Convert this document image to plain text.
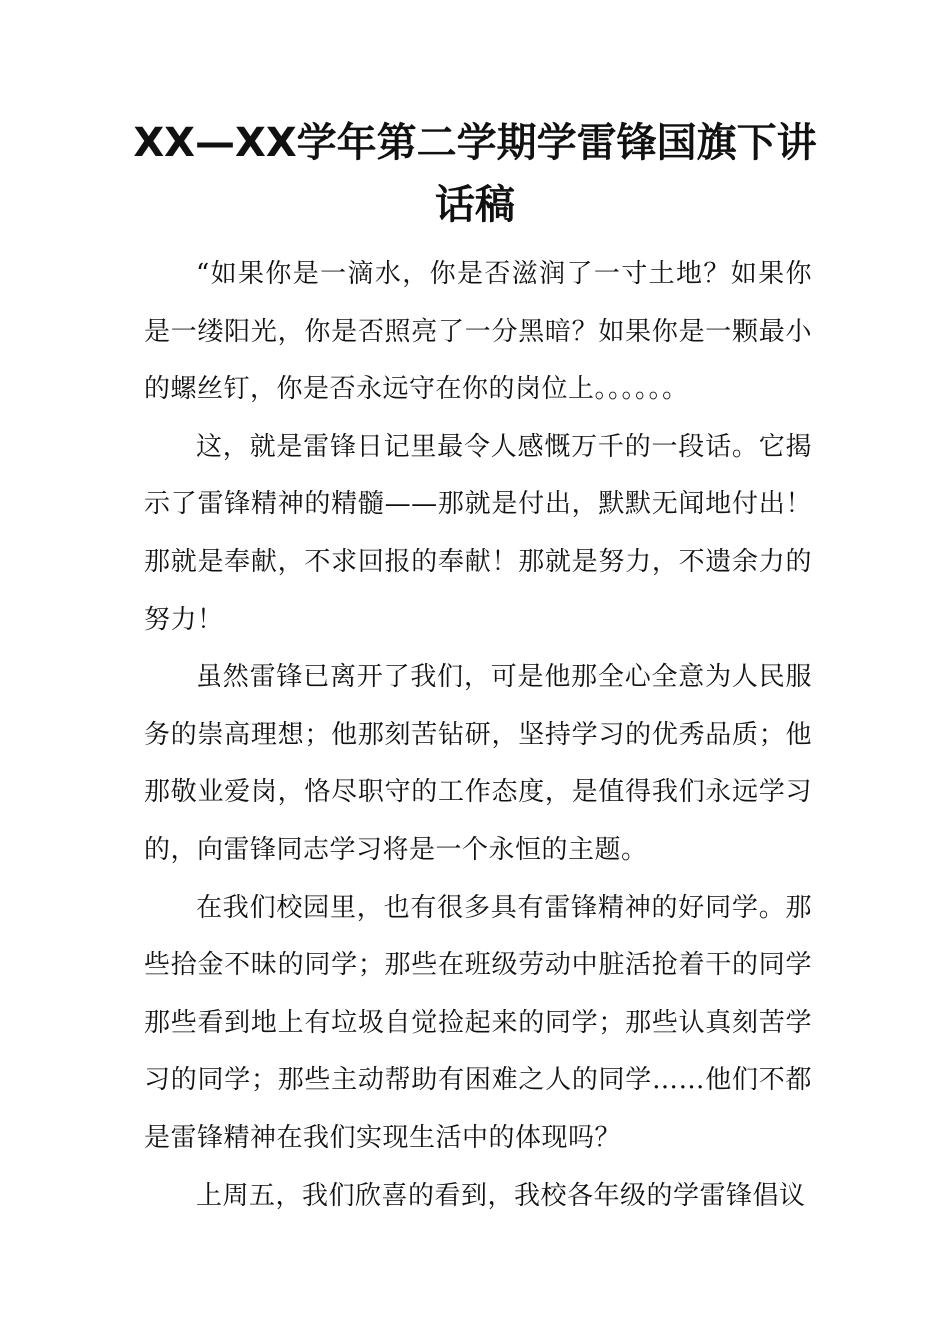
XX—XX学年第二学期学雷锋国旗下讲话稿

“如果你是一滴水，你是否滋润了一寸土地？如果你是一缕阳光，你是否照亮了一分黑暗？如果你是一颗最小的螺丝钉，你是否永远守在你的岗位上。。。。。。

这，就是雷锋日记里最令人感慨万千的一段话。它揭示了雷锋精神的精髓——那就是付出，默默无闻地付出！那就是奉献，不求回报的奉献！那就是努力，不遗余力的努力！

虽然雷锋已离开了我们，可是他那全心全意为人民服务的崇高理想；他那刻苦钻研，坚持学习的优秀品质；他那敬业爱岗，恪尽职守的工作态度，是值得我们永远学习的，向雷锋同志学习将是一个永恒的主题。

在我们校园里，也有很多具有雷锋精神的好同学。那些拾金不昧的同学；那些在班级劳动中脏活抢着干的同学那些看到地上有垃圾自觉捡起来的同学；那些认真刻苦学习的同学；那些主动帮助有困难之人的同学……他们不都是雷锋精神在我们实现生活中的体现吗？

上周五，我们欣喜的看到，我校各年级的学雷锋倡议
